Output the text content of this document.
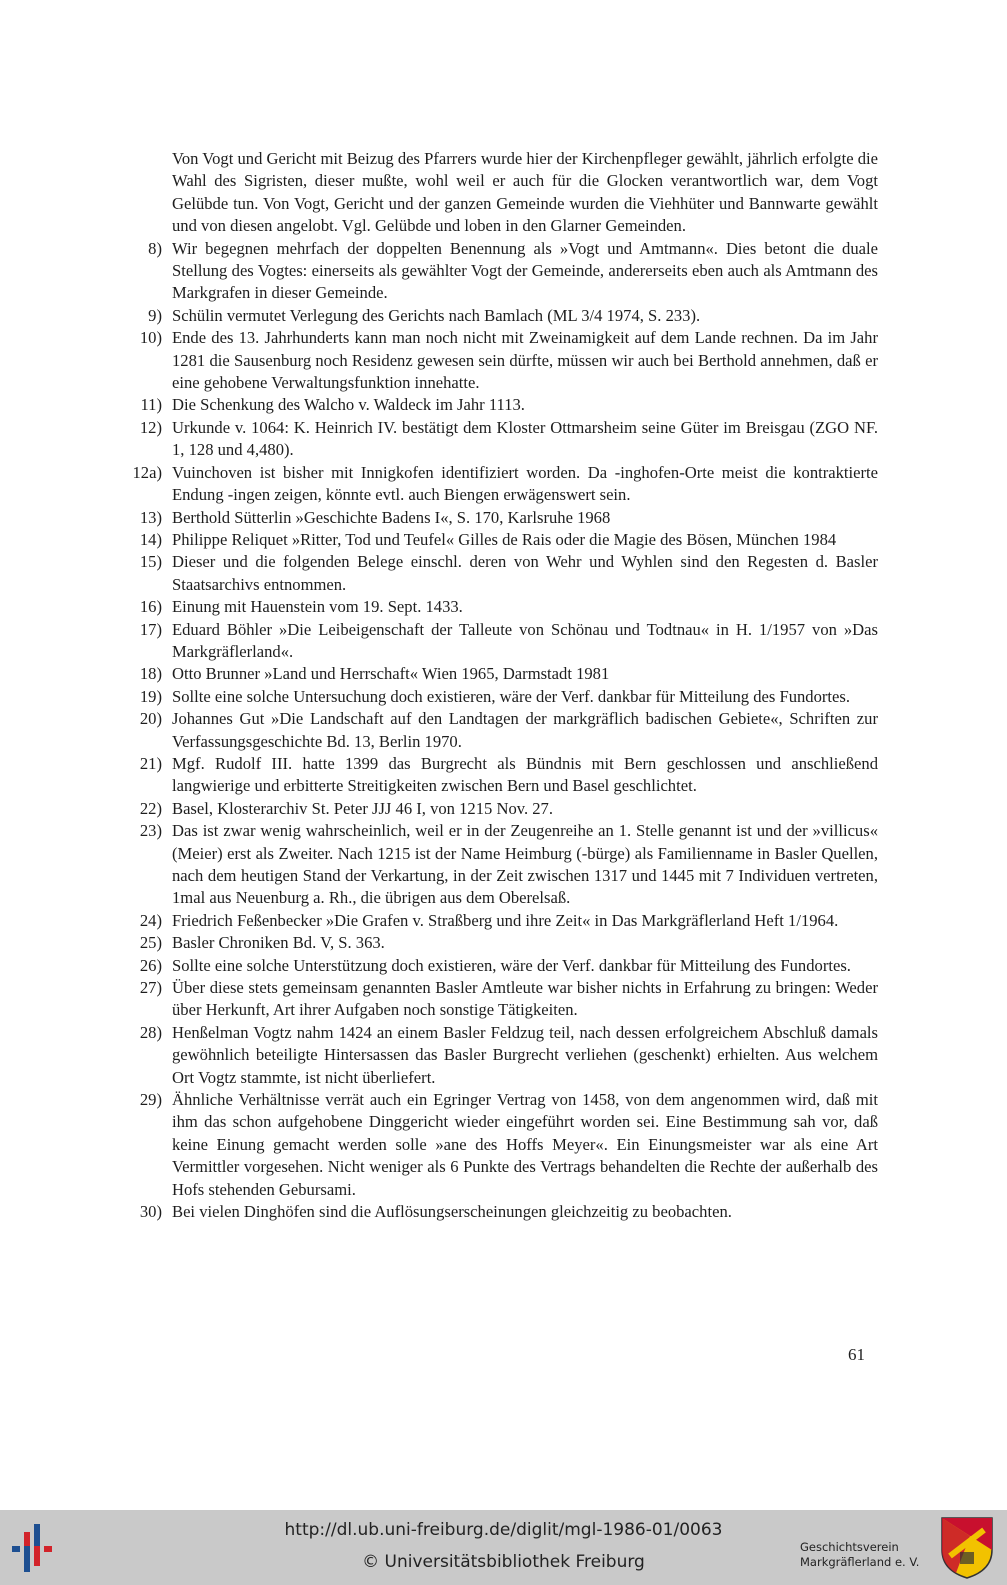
Von Vogt und Gericht mit Beizug des Pfarrers wurde hier der Kirchenpfleger gewählt, jährlich erfolgte die Wahl des Sigristen, dieser mußte, wohl weil er auch für die Glocken verantwortlich war, dem Vogt Gelübde tun. Von Vogt, Gericht und der ganzen Gemeinde wurden die Viehhüter und Bannwarte gewählt und von diesen angelobt. Vgl. Gelübde und loben in den Glarner Gemeinden.

8) Wir begegnen mehrfach der doppelten Benennung als »Vogt und Amtmann«. Dies betont die duale Stellung des Vogtes: einerseits als gewählter Vogt der Gemeinde, andererseits eben auch als Amtmann des Markgrafen in dieser Gemeinde.
9) Schülin vermutet Verlegung des Gerichts nach Bamlach (ML 3/4 1974, S. 233).
10) Ende des 13. Jahrhunderts kann man noch nicht mit Zweinamigkeit auf dem Lande rechnen. Da im Jahr 1281 die Sausenburg noch Residenz gewesen sein dürfte, müssen wir auch bei Berthold annehmen, daß er eine gehobene Verwaltungsfunktion innehatte.
11) Die Schenkung des Walcho v. Waldeck im Jahr 1113.
12) Urkunde v. 1064: K. Heinrich IV. bestätigt dem Kloster Ottmarsheim seine Güter im Breisgau (ZGO NF. 1, 128 und 4,480).
12a) Vuinchoven ist bisher mit Innigkofen identifiziert worden. Da -inghofen-Orte meist die kontraktierte Endung -ingen zeigen, könnte evtl. auch Biengen erwägenswert sein.
13) Berthold Sütterlin »Geschichte Badens I«, S. 170, Karlsruhe 1968
14) Philippe Reliquet »Ritter, Tod und Teufel« Gilles de Rais oder die Magie des Bösen, München 1984
15) Dieser und die folgenden Belege einschl. deren von Wehr und Wyhlen sind den Regesten d. Basler Staatsarchivs entnommen.
16) Einung mit Hauenstein vom 19. Sept. 1433.
17) Eduard Böhler »Die Leibeigenschaft der Talleute von Schönau und Todtnau« in H. 1/1957 von »Das Markgräflerland«.
18) Otto Brunner »Land und Herrschaft« Wien 1965, Darmstadt 1981
19) Sollte eine solche Untersuchung doch existieren, wäre der Verf. dankbar für Mitteilung des Fundortes.
20) Johannes Gut »Die Landschaft auf den Landtagen der markgräflich badischen Gebiete«, Schriften zur Verfassungsgeschichte Bd. 13, Berlin 1970.
21) Mgf. Rudolf III. hatte 1399 das Burgrecht als Bündnis mit Bern geschlossen und anschließend langwierige und erbitterte Streitigkeiten zwischen Bern und Basel geschlichtet.
22) Basel, Klosterarchiv St. Peter JJJ 46 I, von 1215 Nov. 27.
23) Das ist zwar wenig wahrscheinlich, weil er in der Zeugenreihe an 1. Stelle genannt ist und der »villicus« (Meier) erst als Zweiter. Nach 1215 ist der Name Heimburg (-bürge) als Familienname in Basler Quellen, nach dem heutigen Stand der Verkartung, in der Zeit zwischen 1317 und 1445 mit 7 Individuen vertreten, 1mal aus Neuenburg a. Rh., die übrigen aus dem Oberelsaß.
24) Friedrich Feßenbecker »Die Grafen v. Straßberg und ihre Zeit« in Das Markgräflerland Heft 1/1964.
25) Basler Chroniken Bd. V, S. 363.
26) Sollte eine solche Unterstützung doch existieren, wäre der Verf. dankbar für Mitteilung des Fundortes.
27) Über diese stets gemeinsam genannten Basler Amtleute war bisher nichts in Erfahrung zu bringen: Weder über Herkunft, Art ihrer Aufgaben noch sonstige Tätigkeiten.
28) Henßelman Vogtz nahm 1424 an einem Basler Feldzug teil, nach dessen erfolgreichem Abschluß damals gewöhnlich beteiligte Hintersassen das Basler Burgrecht verliehen (geschenkt) erhielten. Aus welchem Ort Vogtz stammte, ist nicht überliefert.
29) Ähnliche Verhältnisse verrät auch ein Egringer Vertrag von 1458, von dem angenommen wird, daß mit ihm das schon aufgehobene Dinggericht wieder eingeführt worden sei. Eine Bestimmung sah vor, daß keine Einung gemacht werden solle »ane des Hoffs Meyer«. Ein Einungsmeister war als eine Art Vermittler vorgesehen. Nicht weniger als 6 Punkte des Vertrags behandelten die Rechte der außerhalb des Hofs stehenden Gebursami.
30) Bei vielen Dinghöfen sind die Auflösungserscheinungen gleichzeitig zu beobachten.
61
http://dl.ub.uni-freiburg.de/diglit/mgl-1986-01/0063
© Universitätsbibliothek Freiburg
Geschichtsverein
Markgräflerland e. V.
